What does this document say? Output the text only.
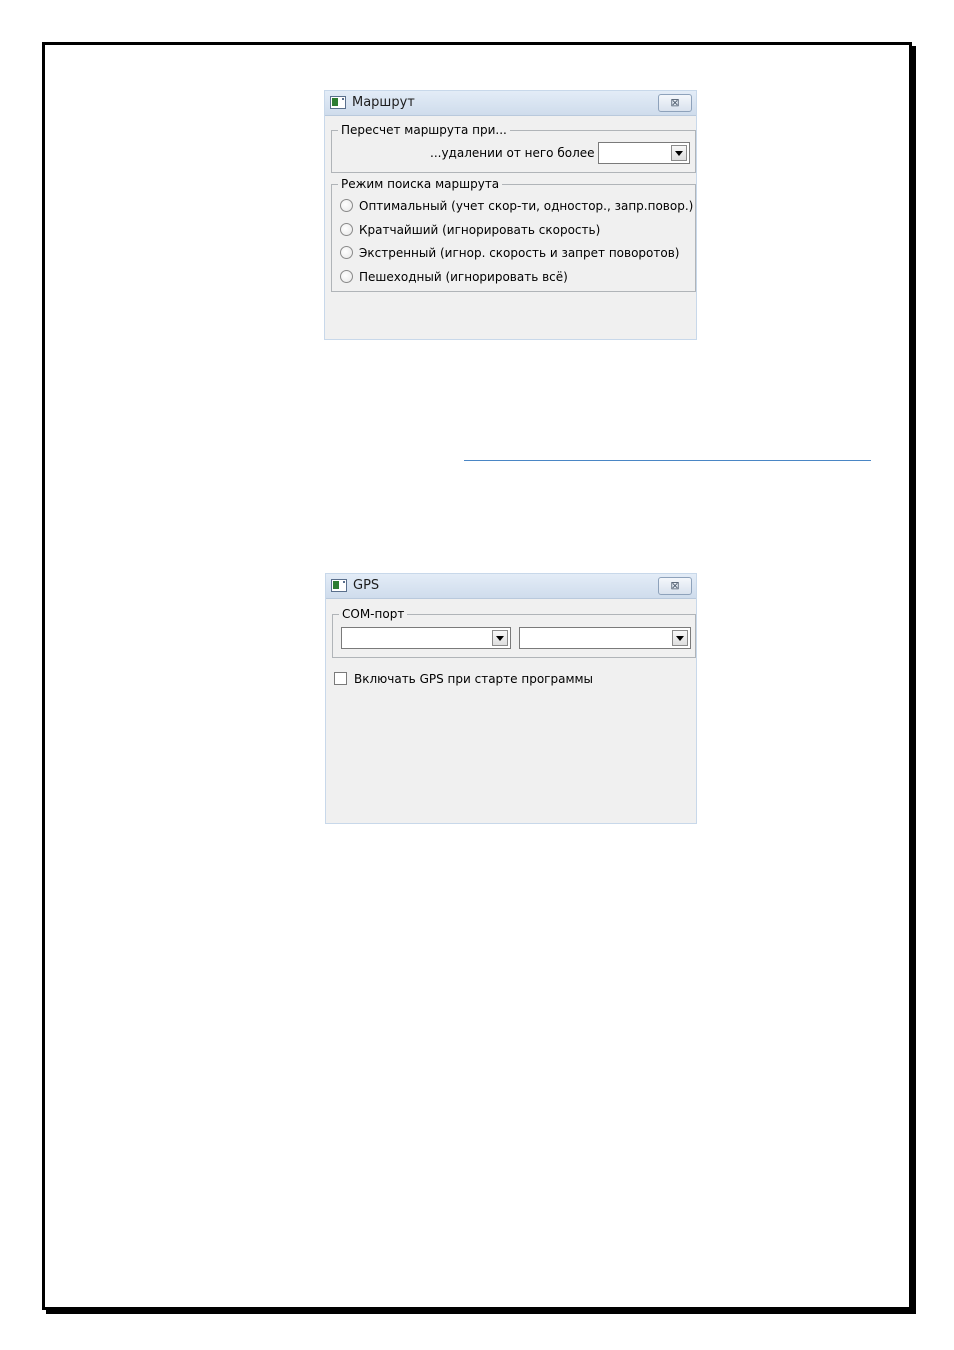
Маршрут	⊠
Пересчет маршрута при...
...удалении от него более
Режим поиска маршрута
Оптимальный (учет скор-ти, одностор., запр.повор.)
Кратчайший (игнорировать скорость)
Экстренный (игнор. скорость и запрет поворотов)
Пешеходный (игнорировать всё)
GPS	⊠
COM-порт
Включать GPS при старте программы
